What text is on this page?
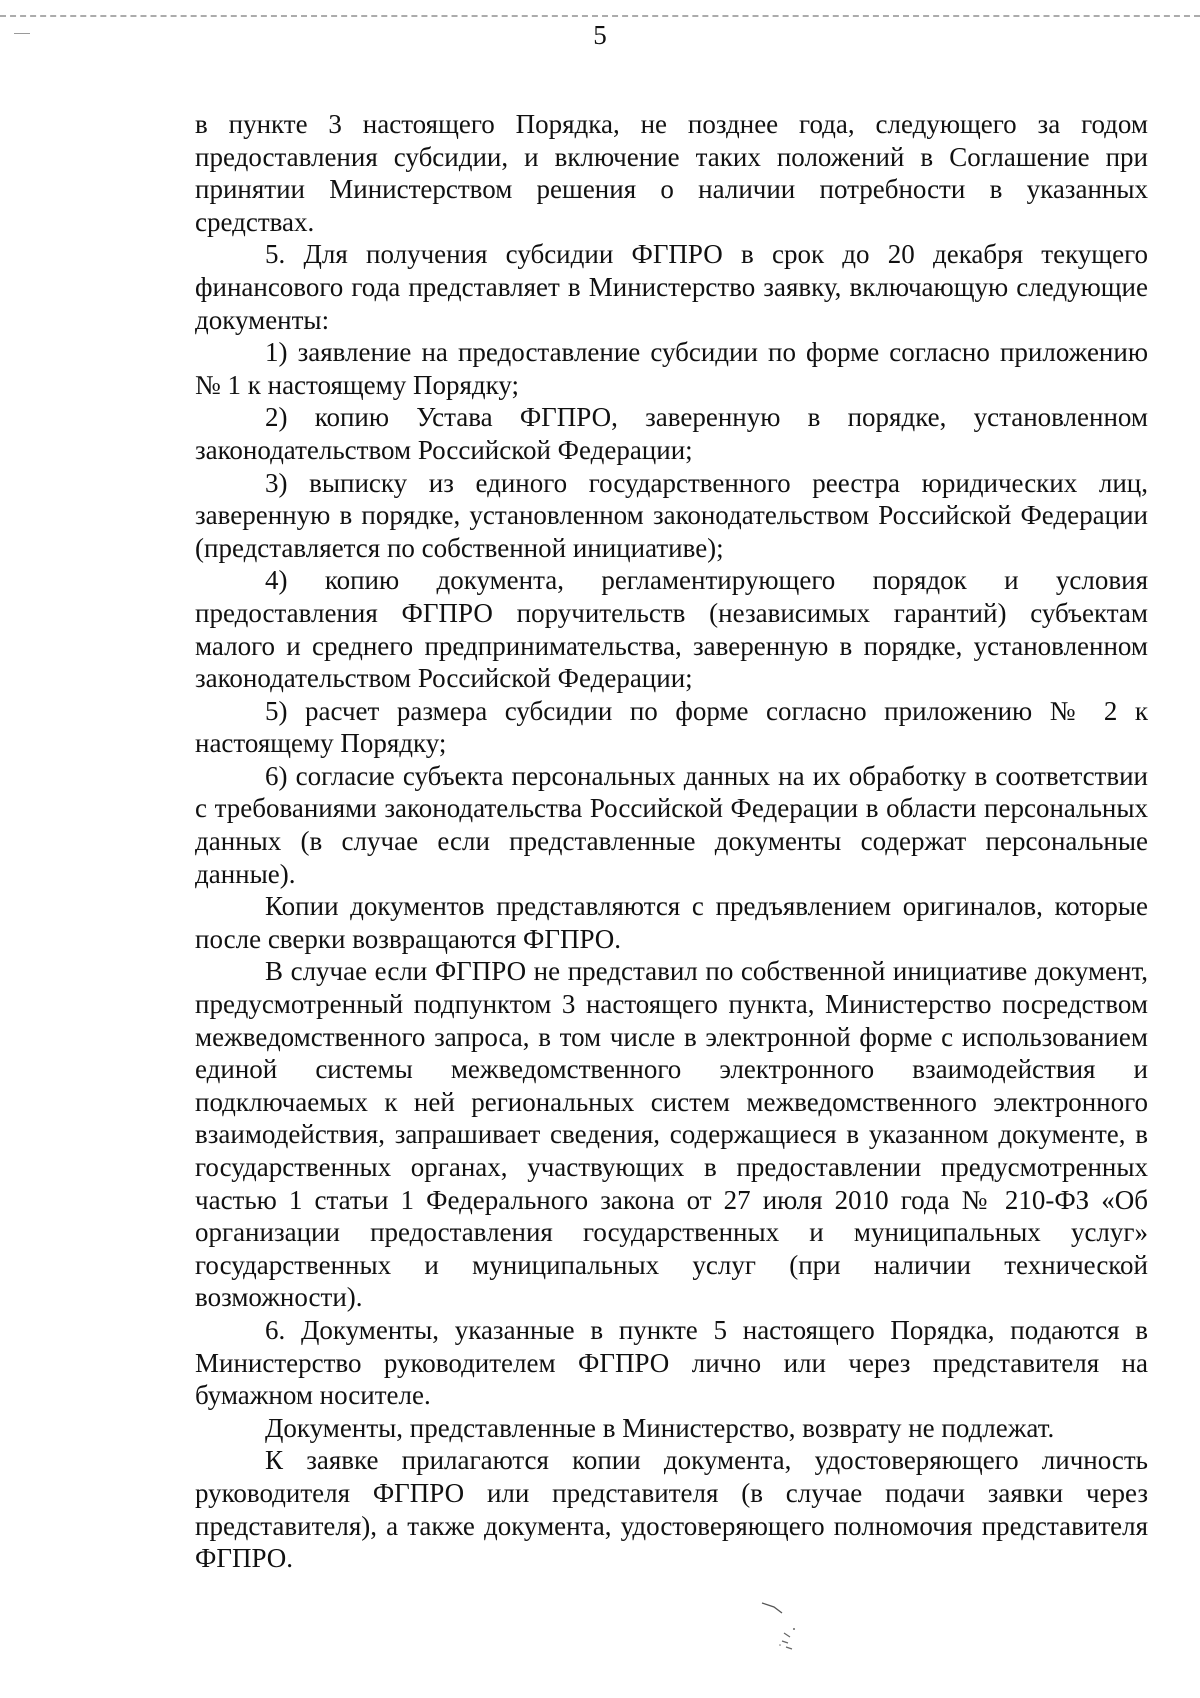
5

в пункте 3 настоящего Порядка, не позднее года, следующего за годом предоставления субсидии, и включение таких положений в Соглашение при принятии Министерством решения о наличии потребности в указанных средствах.

5. Для получения субсидии ФГПРО в срок до 20 декабря текущего финансового года представляет в Министерство заявку, включающую следующие документы:

1) заявление на предоставление субсидии по форме согласно приложению № 1 к настоящему Порядку;

2) копию Устава ФГПРО, заверенную в порядке, установленном законодательством Российской Федерации;

3) выписку из единого государственного реестра юридических лиц, заверенную в порядке, установленном законодательством Российской Федерации (представляется по собственной инициативе);

4) копию документа, регламентирующего порядок и условия предоставления ФГПРО поручительств (независимых гарантий) субъектам малого и среднего предпринимательства, заверенную в порядке, установленном законодательством Российской Федерации;

5) расчет размера субсидии по форме согласно приложению № 2 к настоящему Порядку;

6) согласие субъекта персональных данных на их обработку в соответствии с требованиями законодательства Российской Федерации в области персональных данных (в случае если представленные документы содержат персональные данные).

Копии документов представляются с предъявлением оригиналов, которые после сверки возвращаются ФГПРО.

В случае если ФГПРО не представил по собственной инициативе документ, предусмотренный подпунктом 3 настоящего пункта, Министерство посредством межведомственного запроса, в том числе в электронной форме с использованием единой системы межведомственного электронного взаимодействия и подключаемых к ней региональных систем межведомственного электронного взаимодействия, запрашивает сведения, содержащиеся в указанном документе, в государственных органах, участвующих в предоставлении предусмотренных частью 1 статьи 1 Федерального закона от 27 июля 2010 года № 210-ФЗ «Об организации предоставления государственных и муниципальных услуг» государственных и муниципальных услуг (при наличии технической возможности).

6. Документы, указанные в пункте 5 настоящего Порядка, подаются в Министерство руководителем ФГПРО лично или через представителя на бумажном носителе.

Документы, представленные в Министерство, возврату не подлежат.

К заявке прилагаются копии документа, удостоверяющего личность руководителя ФГПРО или представителя (в случае подачи заявки через представителя), а также документа, удостоверяющего полномочия представителя ФГПРО.
